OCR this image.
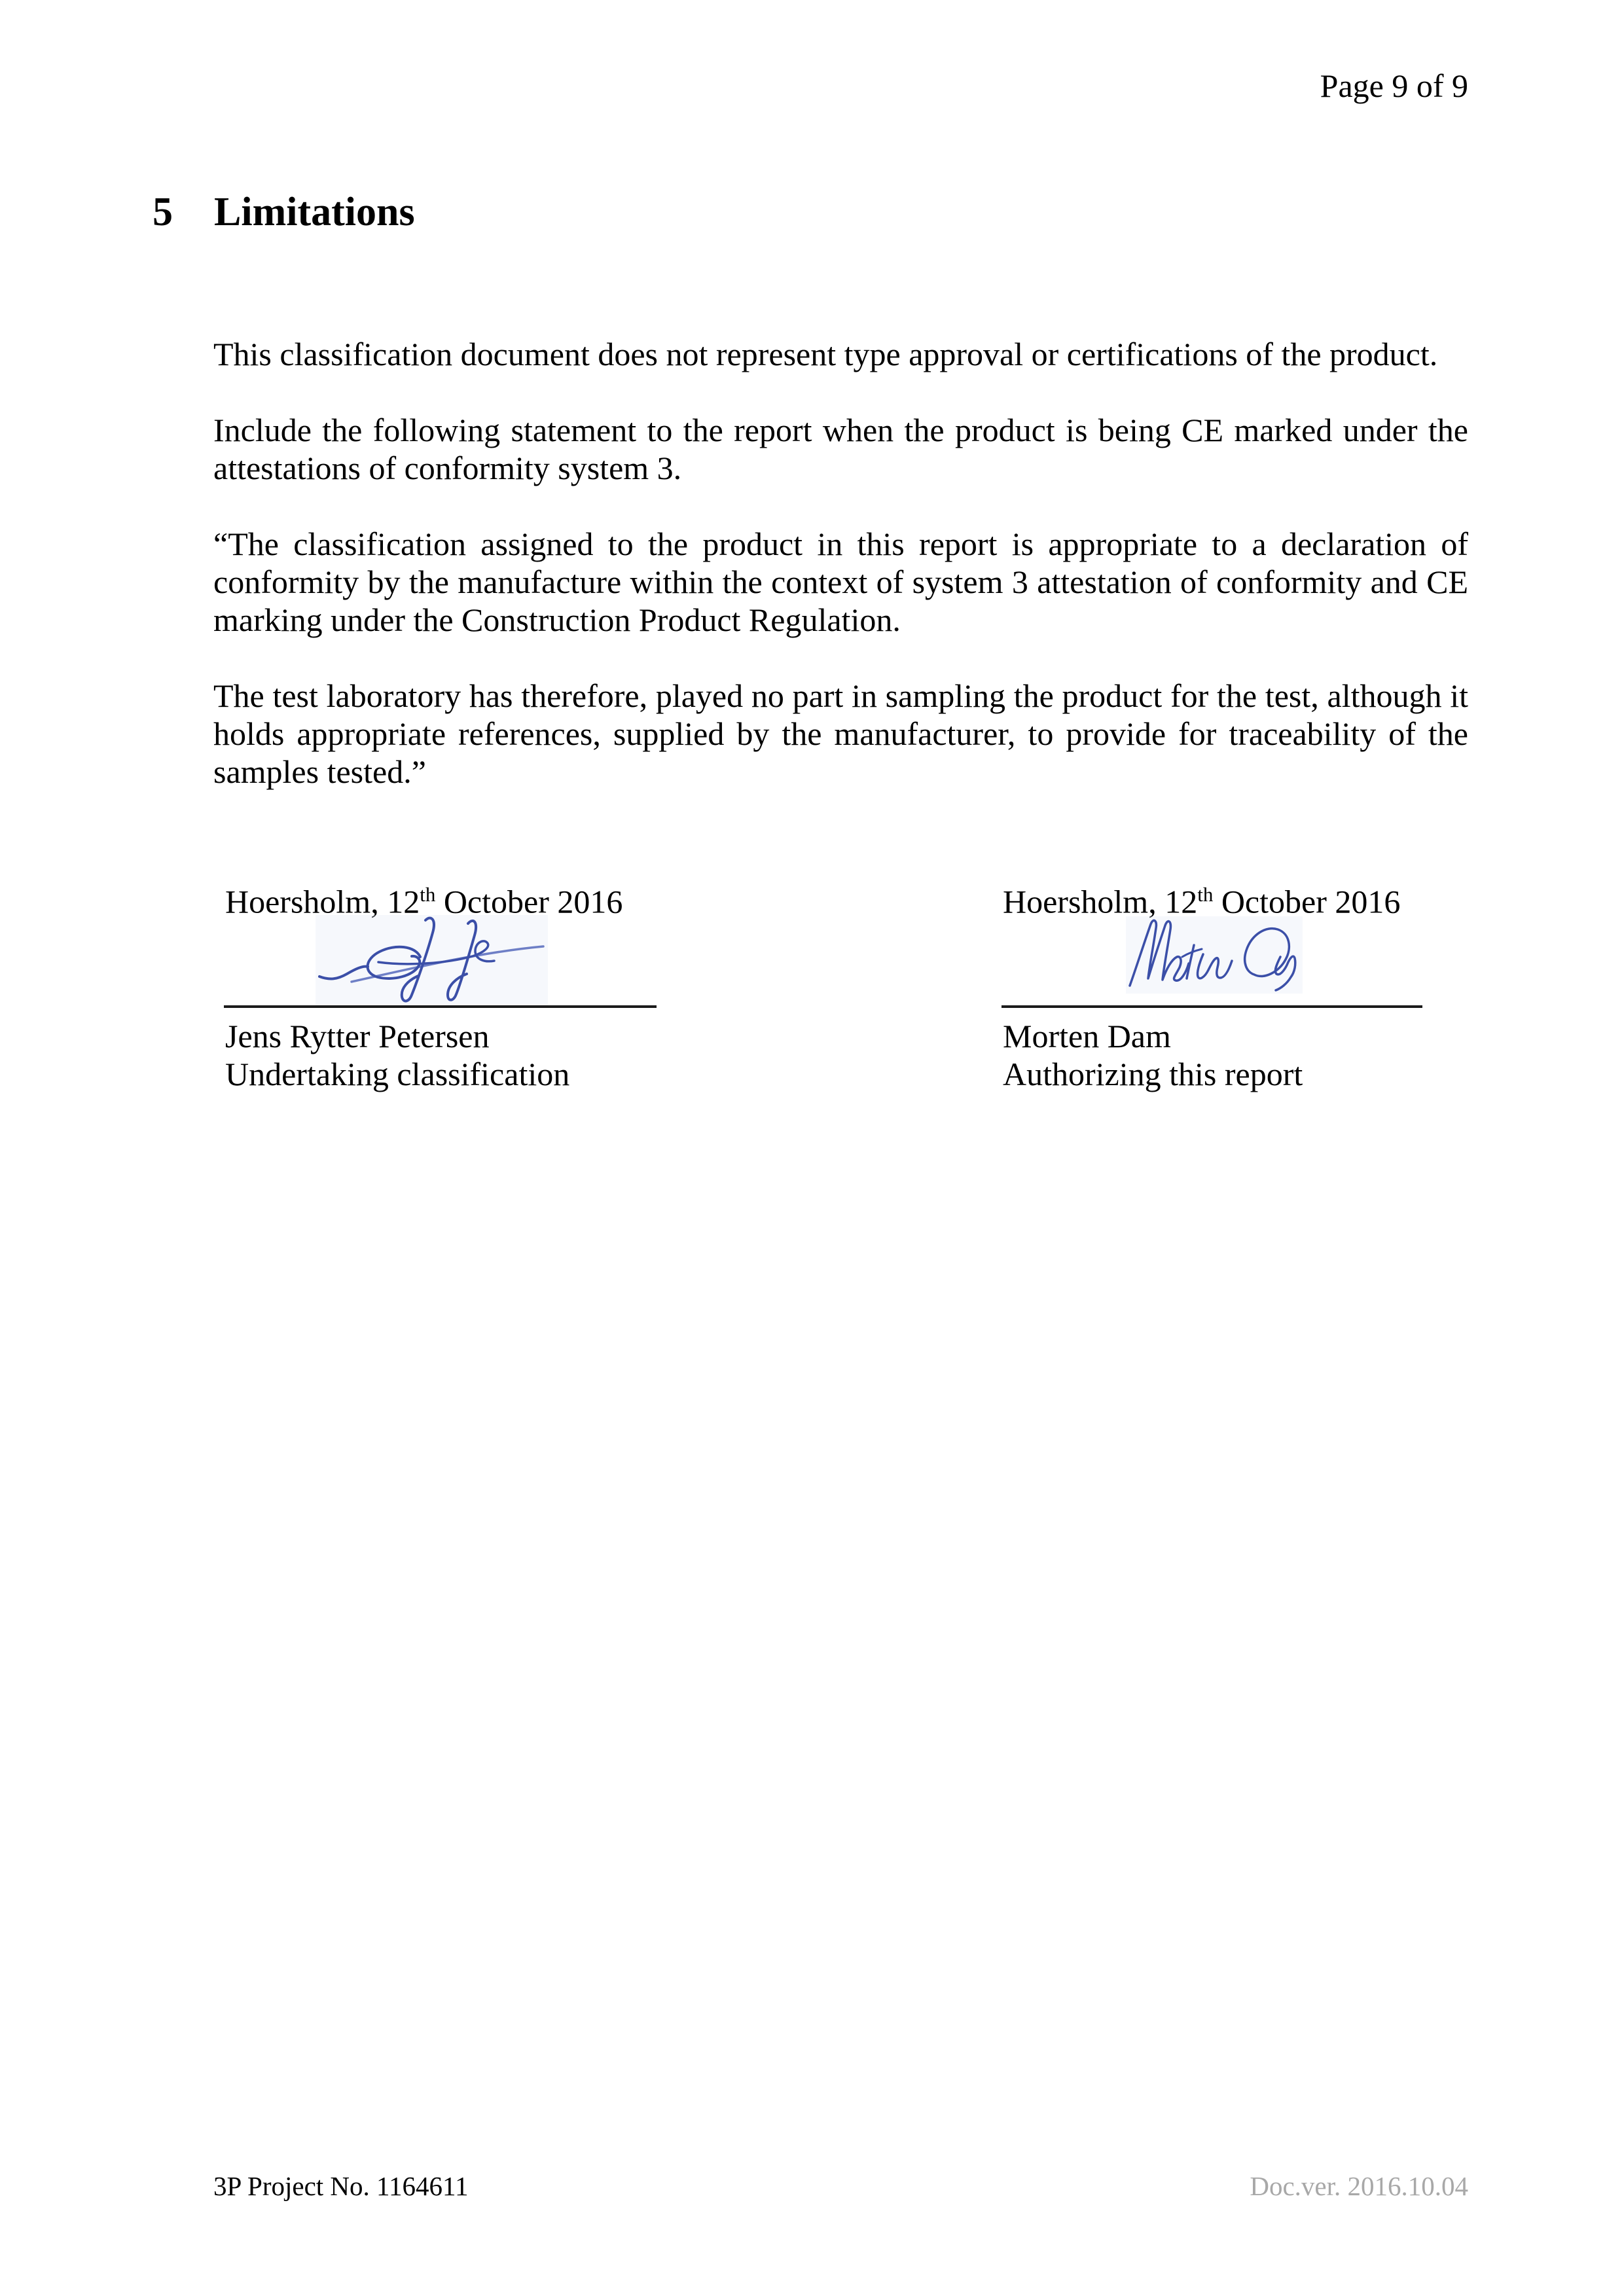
Page 9 of 9
5 Limitations

This classification document does not represent type approval or certifications of the product.

Include the following statement to the report when the product is being CE marked under the attestations of conformity system 3.

“The classification assigned to the product in this report is appropriate to a declaration of conformity by the manufacture within the context of system 3 attestation of conformity and CE marking under the Construction Product Regulation.

The test laboratory has therefore, played no part in sampling the product for the test, although it holds appropriate references, supplied by the manufacturer, to provide for traceability of the samples tested.”

Hoersholm, 12th October 2016
Jens Rytter Petersen
Undertaking classification
Hoersholm, 12th October 2016
Morten Dam
Authorizing this report
3P Project No. 1164611	Doc.ver. 2016.10.04
